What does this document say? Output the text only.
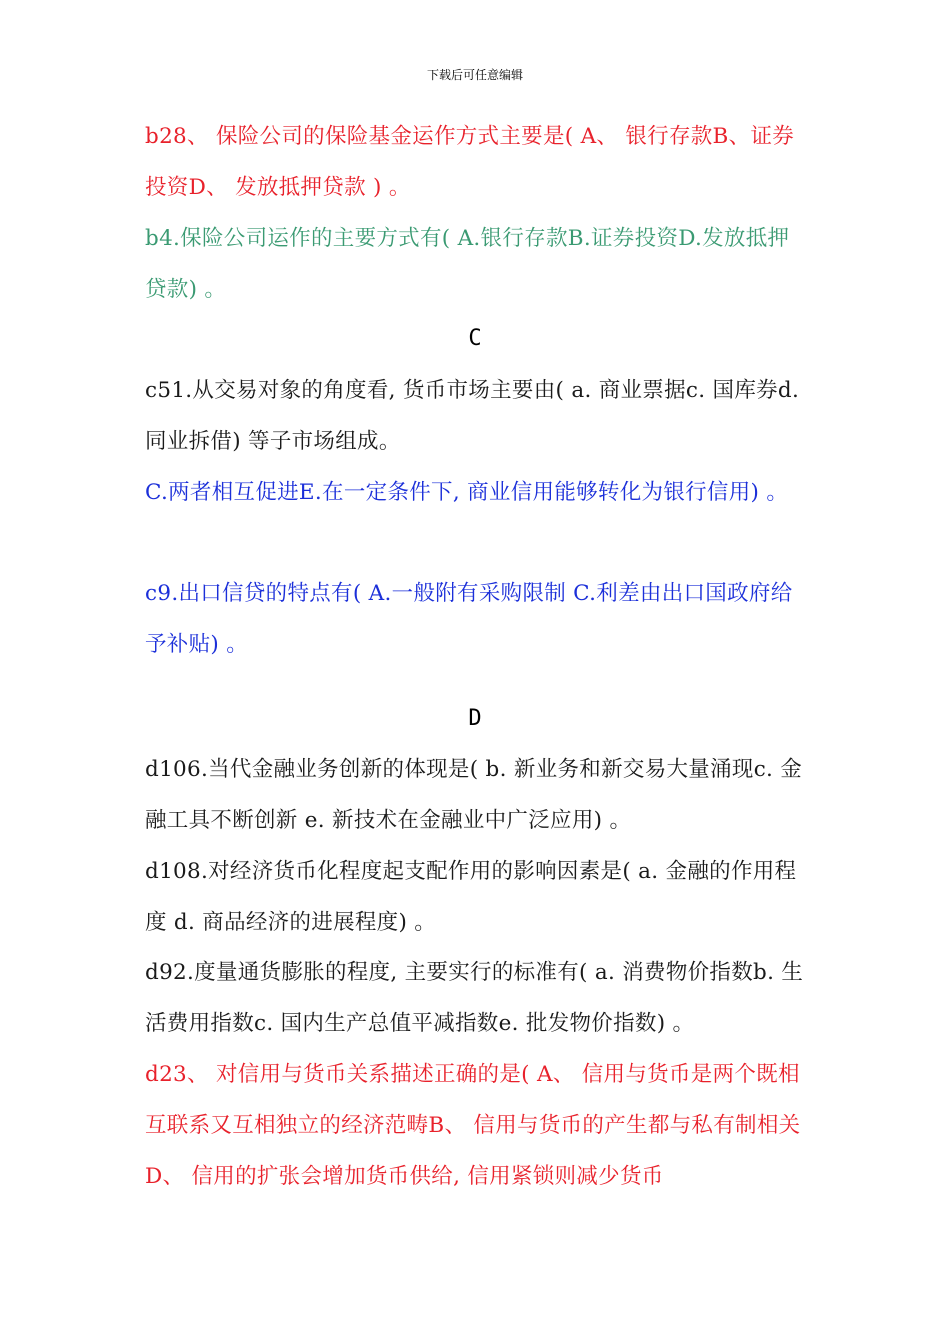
下载后可任意编辑

b28、 保险公司的保险基金运作方式主要是( A、 银行存款B、证券投资D、 发放抵押贷款 ) 。

b4.保险公司运作的主要方式有( A.银行存款B.证券投资D.发放抵押贷款) 。

C

c51.从交易对象的角度看, 货币市场主要由( a. 商业票据c. 国库券d. 同业拆借) 等子市场组成。

C.两者相互促进E.在一定条件下, 商业信用能够转化为银行信用) 。

c9.出口信贷的特点有( A.一般附有采购限制 C.利差由出口国政府给予补贴) 。

D

d106.当代金融业务创新的体现是( b. 新业务和新交易大量涌现c. 金融工具不断创新 e. 新技术在金融业中广泛应用) 。

d108.对经济货币化程度起支配作用的影响因素是( a. 金融的作用程度 d. 商品经济的进展程度) 。

d92.度量通货膨胀的程度, 主要实行的标准有( a. 消费物价指数b. 生活费用指数c. 国内生产总值平减指数e. 批发物价指数) 。

d23、 对信用与货币关系描述正确的是( A、 信用与货币是两个既相互联系又互相独立的经济范畴B、 信用与货币的产生都与私有制相关D、 信用的扩张会增加货币供给, 信用紧锁则减少货币
